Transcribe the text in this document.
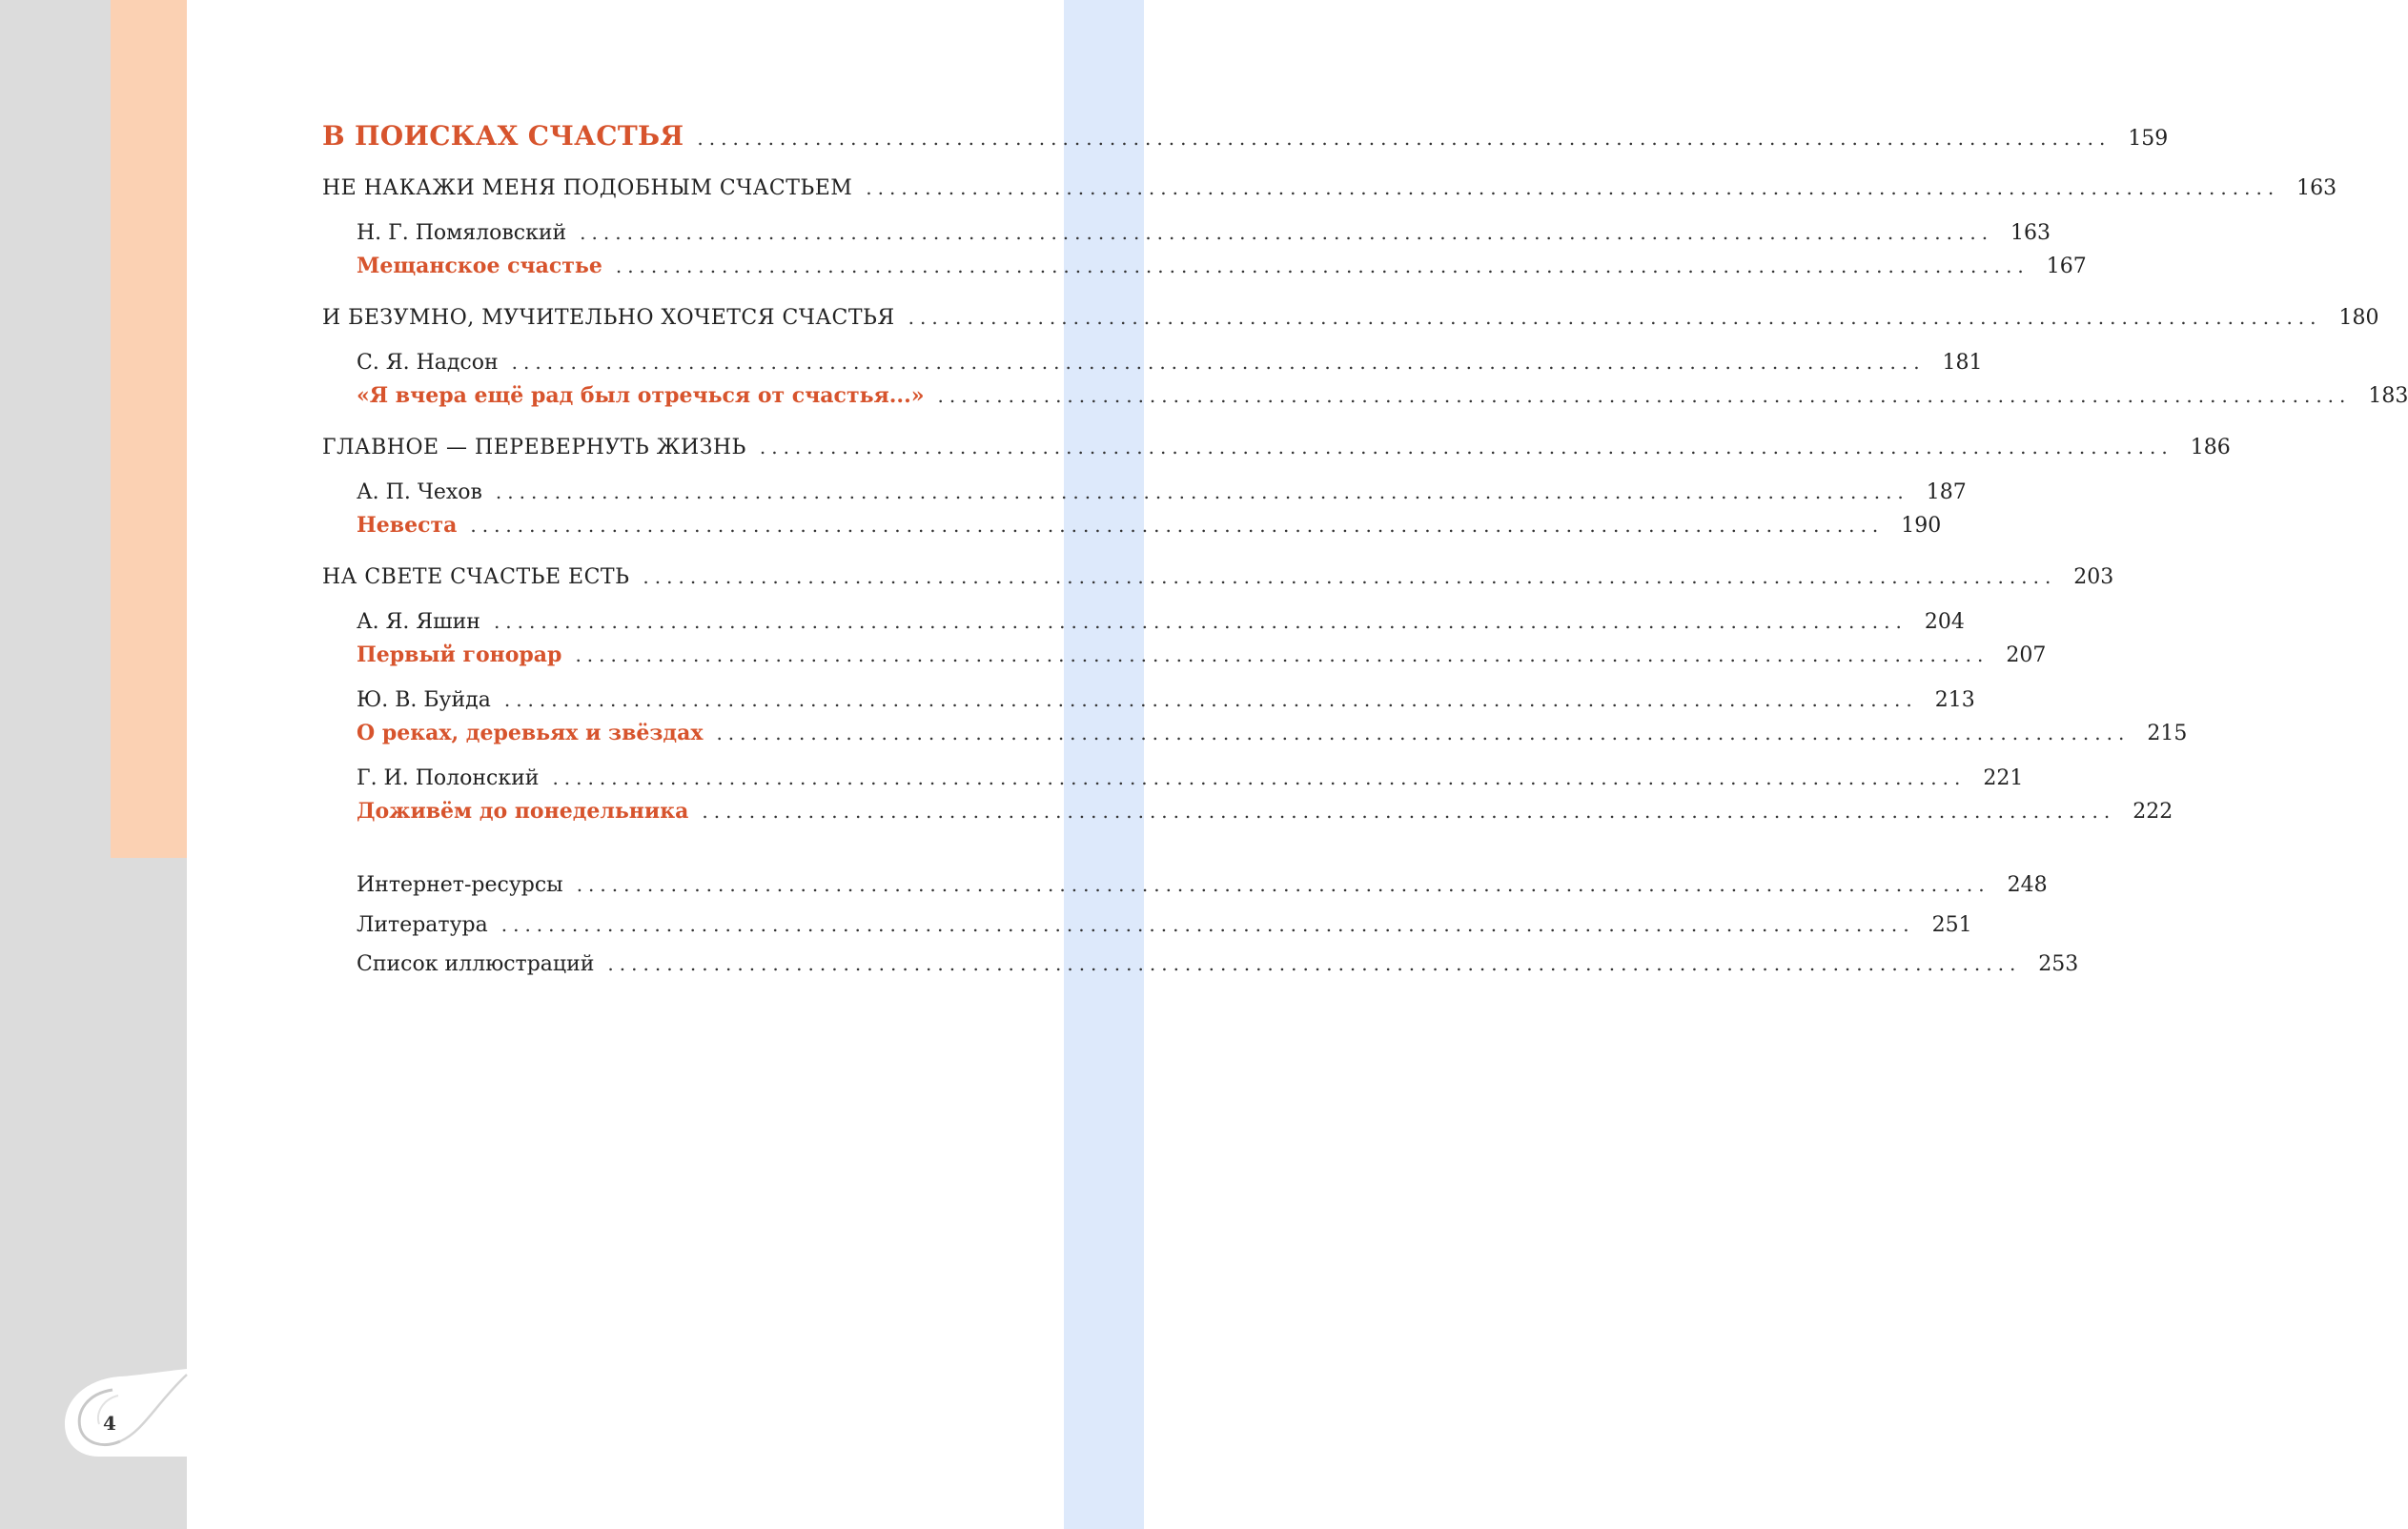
В ПОИСКАХ СЧАСТЬЯ ........................................................................................................................ 159
НЕ НАКАЖИ МЕНЯ ПОДОБНЫМ СЧАСТЬЕМ ........................................................................................................................ 163
Н. Г. Помяловский ........................................................................................................................ 163
Мещанское счастье ........................................................................................................................ 167
И БЕЗУМНО, МУЧИТЕЛЬНО ХОЧЕТСЯ СЧАСТЬЯ ........................................................................................................................ 180
С. Я. Надсон ........................................................................................................................ 181
«Я вчера ещё рад был отречься от счастья...» ........................................................................................................................ 183
ГЛАВНОЕ — ПЕРЕВЕРНУТЬ ЖИЗНЬ ........................................................................................................................ 186
А. П. Чехов ........................................................................................................................ 187
Невеста ........................................................................................................................ 190
НА СВЕТЕ СЧАСТЬЕ ЕСТЬ ........................................................................................................................ 203
А. Я. Яшин ........................................................................................................................ 204
Первый гонорар ........................................................................................................................ 207
Ю. В. Буйда ........................................................................................................................ 213
О реках, деревьях и звёздах ........................................................................................................................ 215
Г. И. Полонский ........................................................................................................................ 221
Доживём до понедельника ........................................................................................................................ 222
Интернет-ресурсы ........................................................................................................................ 248
Литература ........................................................................................................................ 251
Список иллюстраций ........................................................................................................................ 253
4
